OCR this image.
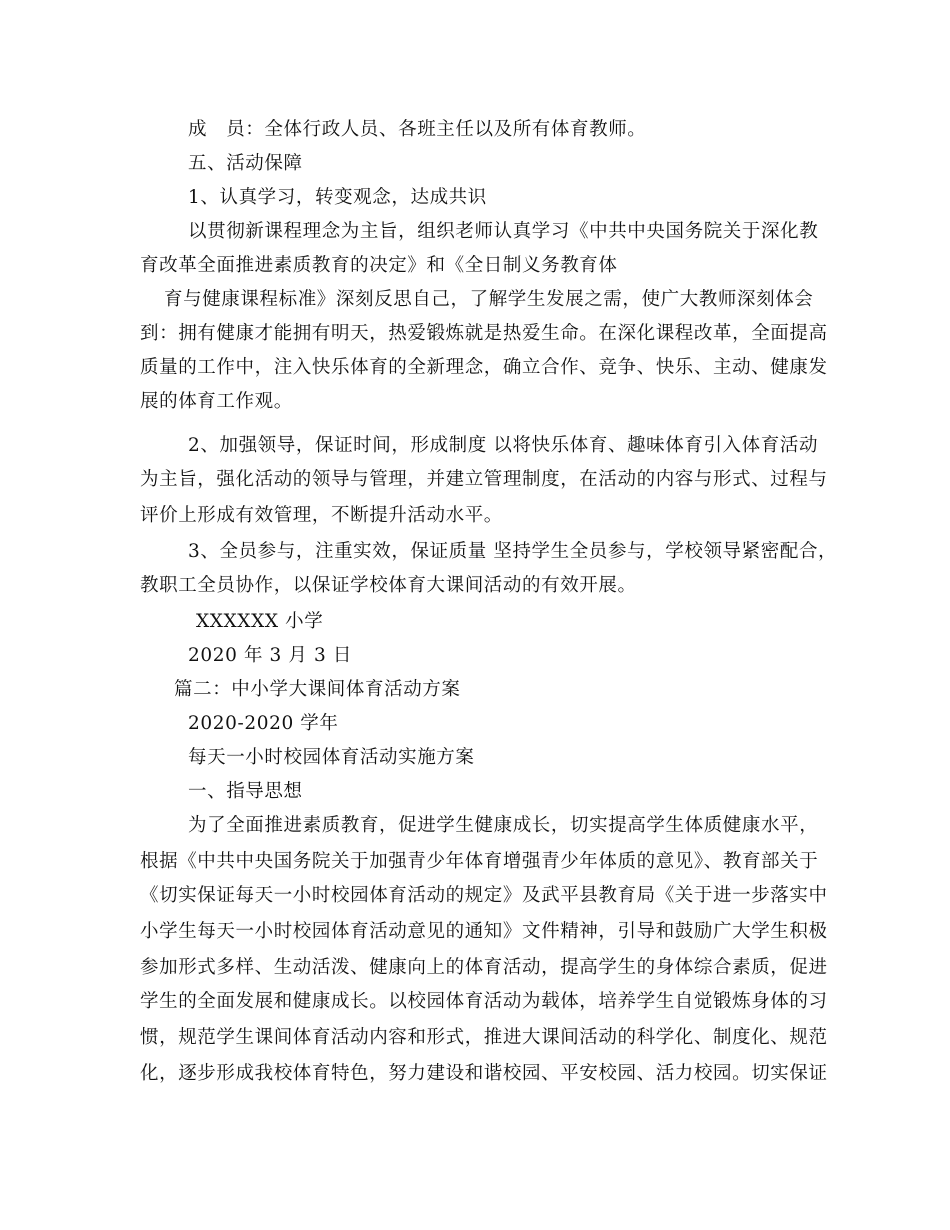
成　员：全体行政人员、各班主任以及所有体育教师。
五、活动保障
1、认真学习，转变观念，达成共识
以贯彻新课程理念为主旨，组织老师认真学习《中共中央国务院关于深化教
育改革全面推进素质教育的决定》和《全日制义务教育体
育与健康课程标准》深刻反思自己，了解学生发展之需，使广大教师深刻体会
到：拥有健康才能拥有明天，热爱锻炼就是热爱生命。在深化课程改革，全面提高
质量的工作中，注入快乐体育的全新理念，确立合作、竞争、快乐、主动、健康发
展的体育工作观。
2、加强领导，保证时间，形成制度 以将快乐体育、趣味体育引入体育活动
为主旨，强化活动的领导与管理，并建立管理制度，在活动的内容与形式、过程与
评价上形成有效管理，不断提升活动水平。
3、全员参与，注重实效，保证质量 坚持学生全员参与，学校领导紧密配合，
教职工全员协作，以保证学校体育大课间活动的有效开展。
XXXXXX 小学
2020 年 3 月 3 日
篇二：中小学大课间体育活动方案
2020-2020 学年
每天一小时校园体育活动实施方案
一、指导思想
为了全面推进素质教育，促进学生健康成长，切实提高学生体质健康水平，
根据《中共中央国务院关于加强青少年体育增强青少年体质的意见》、教育部关于
《切实保证每天一小时校园体育活动的规定》及武平县教育局《关于进一步落实中
小学生每天一小时校园体育活动意见的通知》文件精神，引导和鼓励广大学生积极
参加形式多样、生动活泼、健康向上的体育活动，提高学生的身体综合素质，促进
学生的全面发展和健康成长。以校园体育活动为载体，培养学生自觉锻炼身体的习
惯，规范学生课间体育活动内容和形式，推进大课间活动的科学化、制度化、规范
化，逐步形成我校体育特色，努力建设和谐校园、平安校园、活力校园。切实保证
